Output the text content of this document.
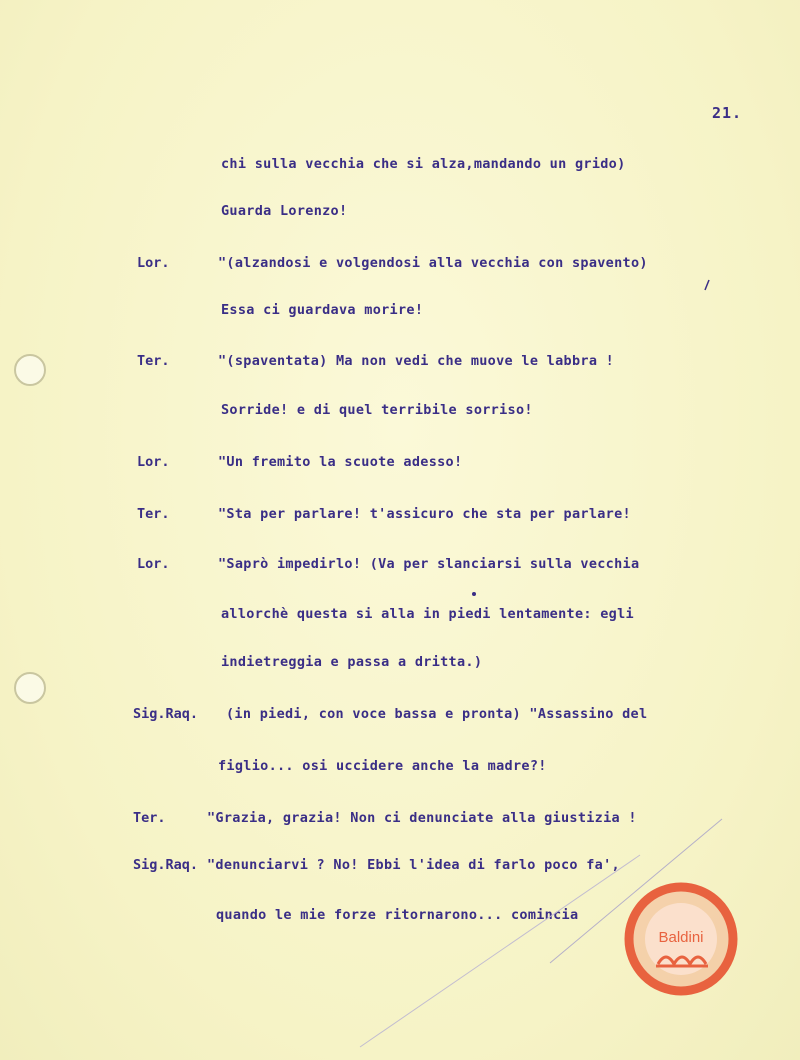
21.
chi sulla vecchia che si alza,mandando un grido)
Guarda Lorenzo!
Lor.	"(alzandosi e volgendosi alla vecchia con spavento)
Essa ci guardava morire!
Ter.	"(spaventata) Ma non vedi che muove le labbra !
Sorride! e di quel terribile sorriso!
Lor.	"Un fremito la scuote adesso!
Ter.	"Sta per parlare! t'assicuro che sta per parlare!
Lor.	"Saprò impedirlo! (Va per slanciarsi sulla vecchia
allorchè questa si alla in piedi lentamente: egli
indietreggia e passa a dritta.)
Sig.Raq. (in piedi, con voce bassa e pronta) "Assassino del
figlio... osi uccidere anche la madre?!
Ter.	"Grazia, grazia! Non ci denunciate alla giustizia !
Sig.Raq. "denunciarvi ? No! Ebbi l'idea di farlo poco fa',
quando le mie forze ritornarono... comincia
Baldini
